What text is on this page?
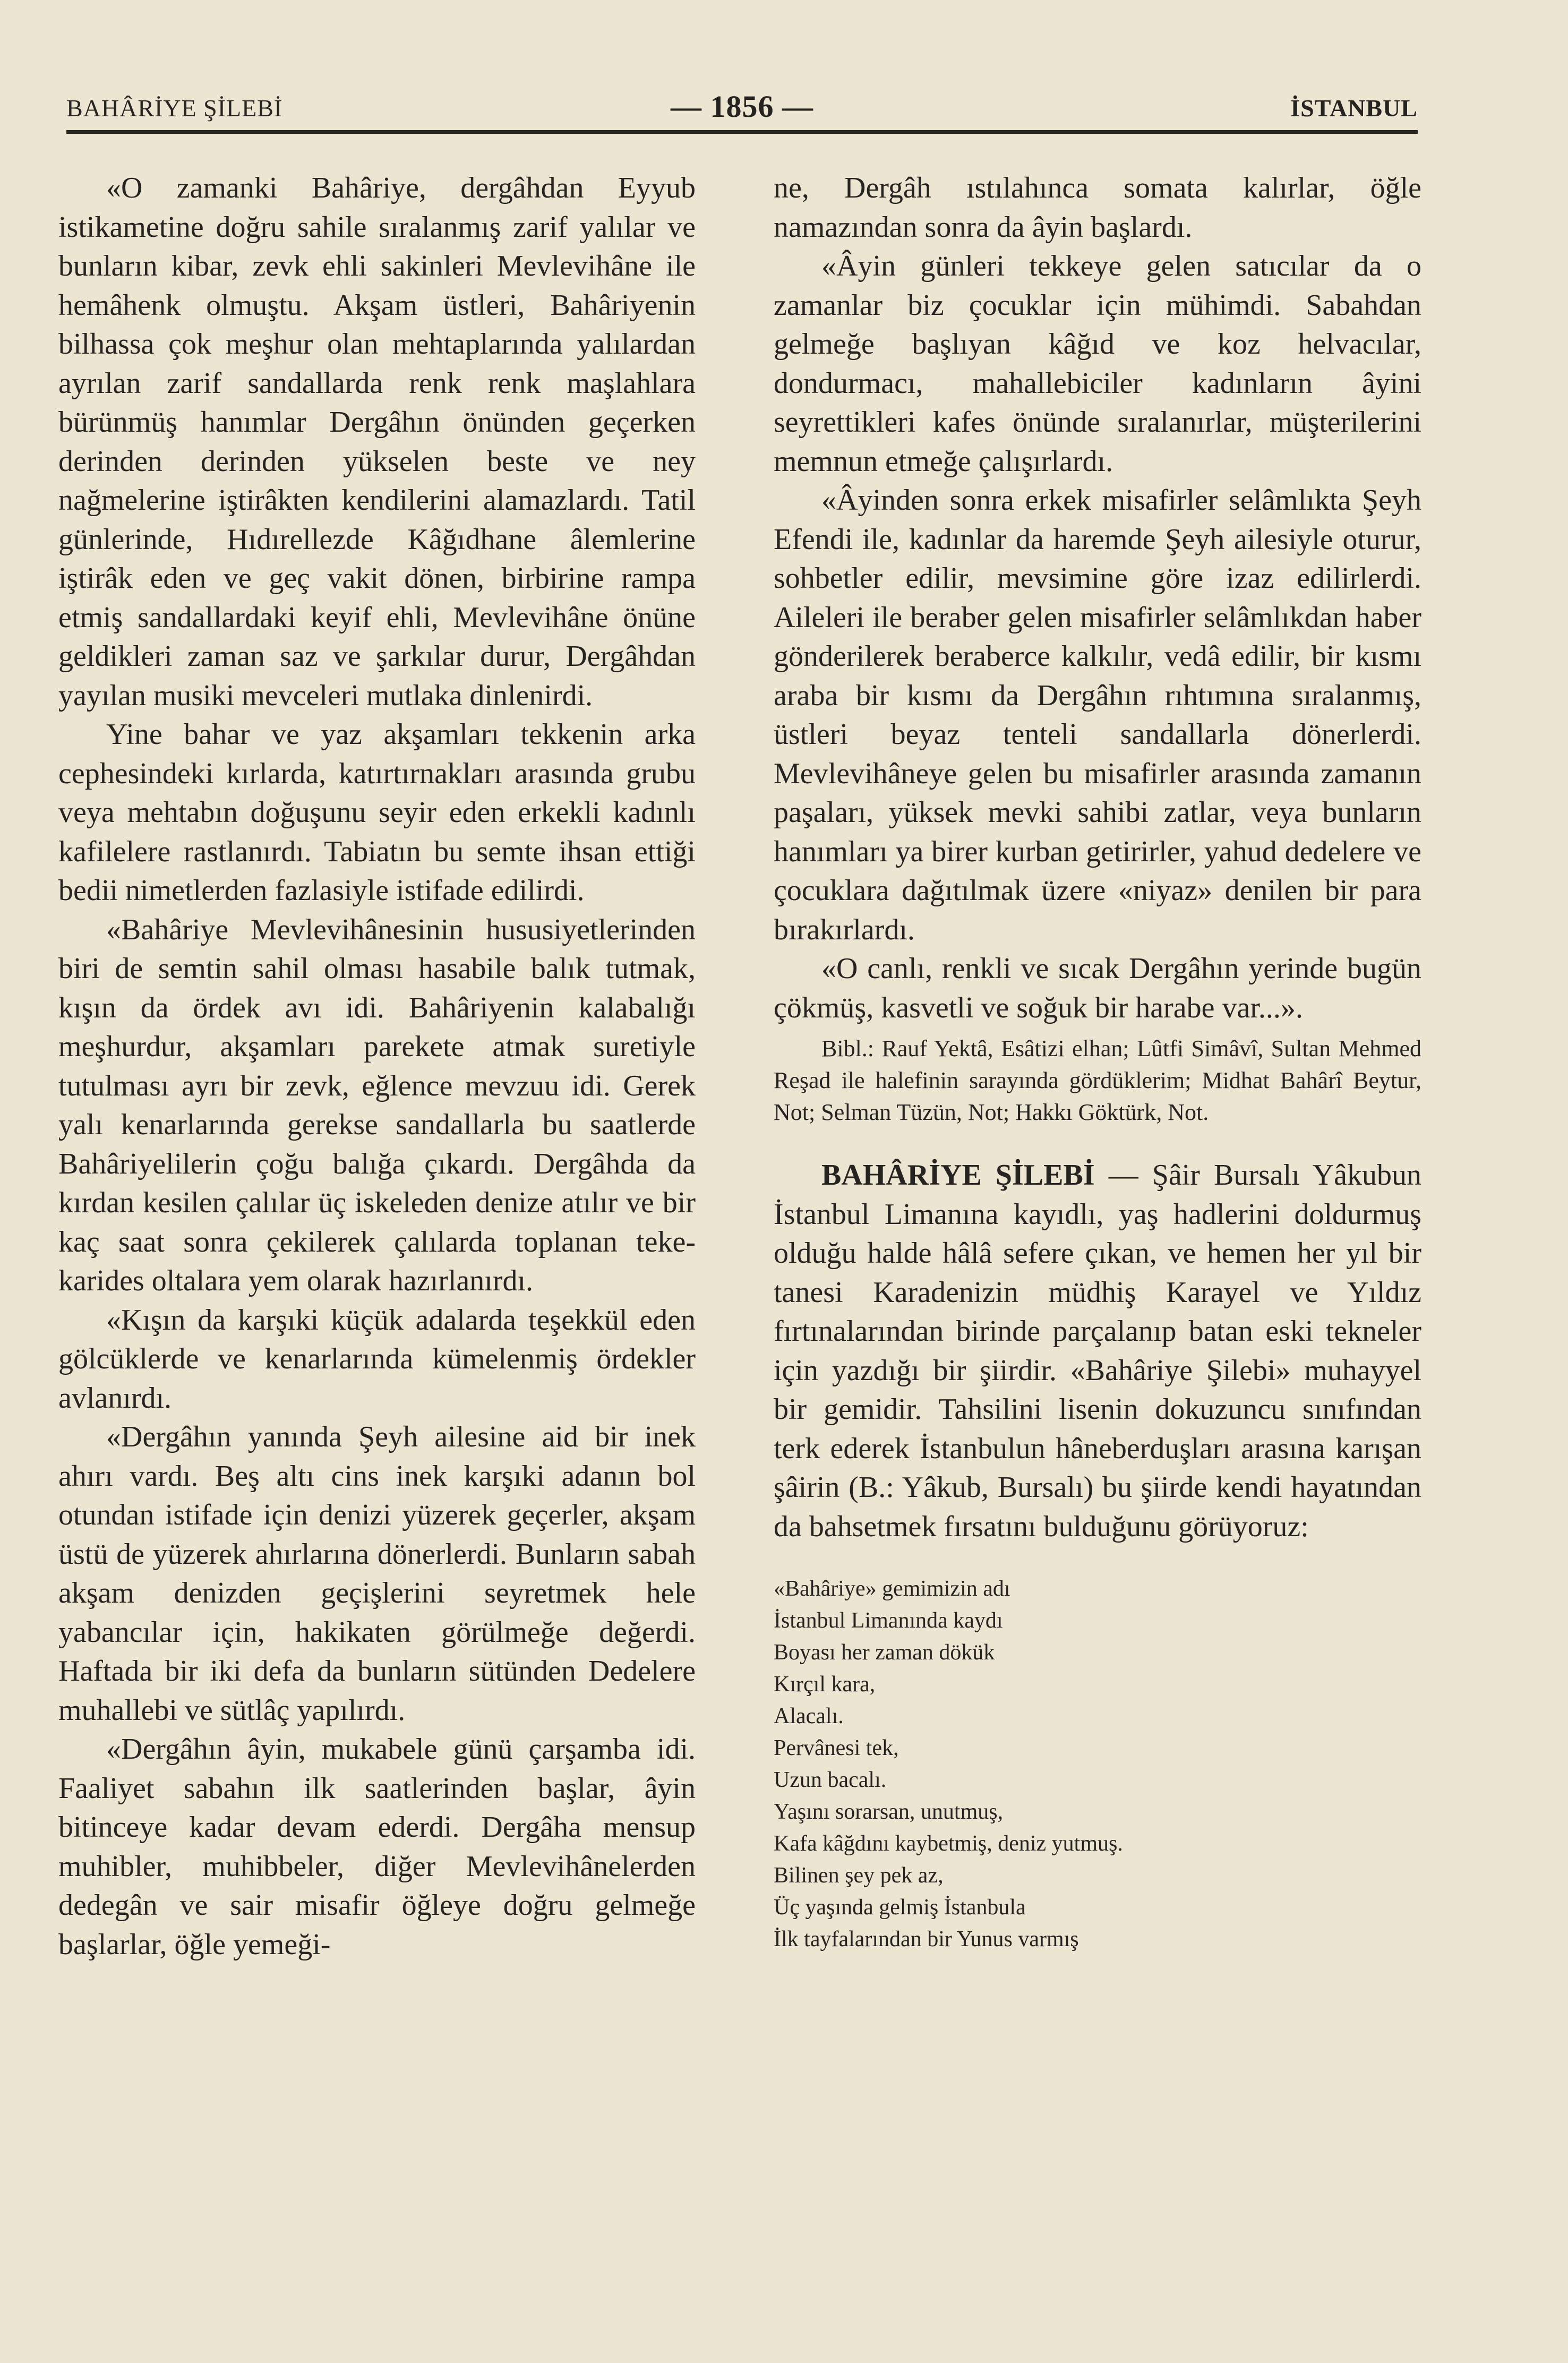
BAHÂRİYE ŞİLEBİ	— 1856 —	İSTANBUL

«O zamanki Bahâriye, dergâhdan Eyyub istikametine doğru sahile sıralanmış zarif yalılar ve bunların kibar, zevk ehli sakinleri Mevlevihâne ile hemâhenk olmuştu. Akşam üstleri, Bahâriyenin bilhassa çok meşhur olan mehtaplarında yalılardan ayrılan zarif sandallarda renk renk maşlahlara bürünmüş hanımlar Dergâhın önünden geçerken derinden derinden yükselen beste ve ney nağmelerine iştirâkten kendilerini alamazlardı. Tatil günlerinde, Hıdırellezde Kâğıdhane âlemlerine iştirâk eden ve geç vakit dönen, birbirine rampa etmiş sandallardaki keyif ehli, Mevlevihâne önüne geldikleri zaman saz ve şarkılar durur, Dergâhdan yayılan musiki mevceleri mutlaka dinlenirdi.

Yine bahar ve yaz akşamları tekkenin arka cephesindeki kırlarda, katırtırnakları arasında grubu veya mehtabın doğuşunu seyir eden erkekli kadınlı kafilelere rastlanırdı. Tabiatın bu semte ihsan ettiği bedii nimetlerden fazlasiyle istifade edilirdi.

«Bahâriye Mevlevihânesinin hususiyetlerinden biri de semtin sahil olması hasabile balık tutmak, kışın da ördek avı idi. Bahâriyenin kalabalığı meşhurdur, akşamları parekete atmak suretiyle tutulması ayrı bir zevk, eğlence mevzuu idi. Gerek yalı kenarlarında gerekse sandallarla bu saatlerde Bahâriyelilerin çoğu balığa çıkardı. Dergâhda da kırdan kesilen çalılar üç iskeleden denize atılır ve bir kaç saat sonra çekilerek çalılarda toplanan teke-karides oltalara yem olarak hazırlanırdı.

«Kışın da karşıki küçük adalarda teşekkül eden gölcüklerde ve kenarlarında kümelenmiş ördekler avlanırdı.

«Dergâhın yanında Şeyh ailesine aid bir inek ahırı vardı. Beş altı cins inek karşıki adanın bol otundan istifade için denizi yüzerek geçerler, akşam üstü de yüzerek ahırlarına dönerlerdi. Bunların sabah akşam denizden geçişlerini seyretmek hele yabancılar için, hakikaten görülmeğe değerdi. Haftada bir iki defa da bunların sütünden Dedelere muhallebi ve sütlâç yapılırdı.

«Dergâhın âyin, mukabele günü çarşamba idi. Faaliyet sabahın ilk saatlerinden başlar, âyin bitinceye kadar devam ederdi. Dergâha mensup muhibler, muhibbeler, diğer Mevlevihânelerden dedegân ve sair misafir öğleye doğru gelmeğe başlarlar, öğle yemeği-

ne, Dergâh ıstılahınca somata kalırlar, öğle namazından sonra da âyin başlardı.

«Âyin günleri tekkeye gelen satıcılar da o zamanlar biz çocuklar için mühimdi. Sabahdan gelmeğe başlıyan kâğıd ve koz helvacılar, dondurmacı, mahallebiciler kadınların âyini seyrettikleri kafes önünde sıralanırlar, müşterilerini memnun etmeğe çalışırlardı.

«Âyinden sonra erkek misafirler selâmlıkta Şeyh Efendi ile, kadınlar da haremde Şeyh ailesiyle oturur, sohbetler edilir, mevsimine göre izaz edilirlerdi. Aileleri ile beraber gelen misafirler selâmlıkdan haber gönderilerek beraberce kalkılır, vedâ edilir, bir kısmı araba bir kısmı da Dergâhın rıhtımına sıralanmış, üstleri beyaz tenteli sandallarla dönerlerdi. Mevlevihâneye gelen bu misafirler arasında zamanın paşaları, yüksek mevki sahibi zatlar, veya bunların hanımları ya birer kurban getirirler, yahud dedelere ve çocuklara dağıtılmak üzere «niyaz» denilen bir para bırakırlardı.

«O canlı, renkli ve sıcak Dergâhın yerinde bugün çökmüş, kasvetli ve soğuk bir harabe var...».

Bibl.: Rauf Yektâ, Esâtizi elhan; Lûtfi Simâvî, Sultan Mehmed Reşad ile halefinin sarayında gördüklerim; Midhat Bahârî Beytur, Not; Selman Tüzün, Not; Hakkı Göktürk, Not.

BAHÂRİYE ŞİLEBİ — Şâir Bursalı Yâkubun İstanbul Limanına kayıdlı, yaş hadlerini doldurmuş olduğu halde hâlâ sefere çıkan, ve hemen her yıl bir tanesi Karadenizin müdhiş Karayel ve Yıldız fırtınalarından birinde parçalanıp batan eski tekneler için yazdığı bir şiirdir. «Bahâriye Şilebi» muhayyel bir gemidir. Tahsilini lisenin dokuzuncu sınıfından terk ederek İstanbulun hâneberduşları arasına karışan şâirin (B.: Yâkub, Bursalı) bu şiirde kendi hayatından da bahsetmek fırsatını bulduğunu görüyoruz:

«Bahâriye» gemimizin adı
İstanbul Limanında kaydı
Boyası her zaman dökük
Kırçıl kara,
Alacalı.
Pervânesi tek,
Uzun bacalı.
Yaşını sorarsan, unutmuş,
Kafa kâğdını kaybetmiş, deniz yutmuş.
Bilinen şey pek az,
Üç yaşında gelmiş İstanbula
İlk tayfalarından bir Yunus varmış
